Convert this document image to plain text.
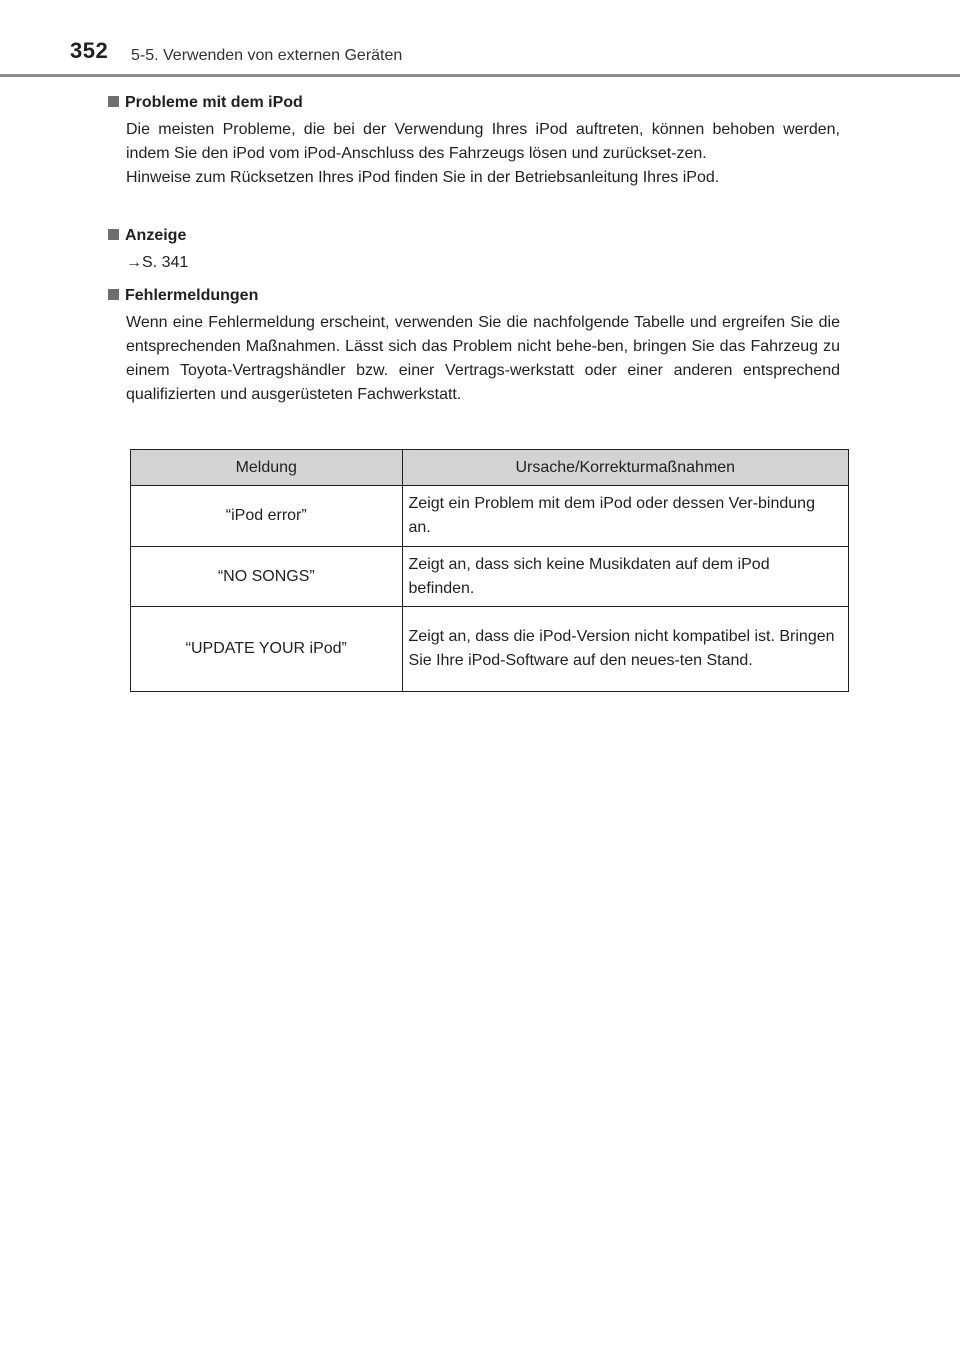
352 5-5. Verwenden von externen Geräten
Probleme mit dem iPod

Die meisten Probleme, die bei der Verwendung Ihres iPod auftreten, können behoben werden, indem Sie den iPod vom iPod-Anschluss des Fahrzeugs lösen und zurückset-zen.

Hinweise zum Rücksetzen Ihres iPod finden Sie in der Betriebsanleitung Ihres iPod.

Anzeige

→S. 341

Fehlermeldungen

Wenn eine Fehlermeldung erscheint, verwenden Sie die nachfolgende Tabelle und ergreifen Sie die entsprechenden Maßnahmen. Lässt sich das Problem nicht behe-ben, bringen Sie das Fahrzeug zu einem Toyota-Vertragshändler bzw. einer Vertrags-werkstatt oder einer anderen entsprechend qualifizierten und ausgerüsteten Fachwerkstatt.

Meldung	Ursache/Korrekturmaßnahmen
“iPod error”	Zeigt ein Problem mit dem iPod oder dessen Ver-bindung an.
“NO SONGS”	Zeigt an, dass sich keine Musikdaten auf dem iPod befinden.
“UPDATE YOUR iPod”	Zeigt an, dass die iPod-Version nicht kompatibel ist. Bringen Sie Ihre iPod-Software auf den neues-ten Stand.
